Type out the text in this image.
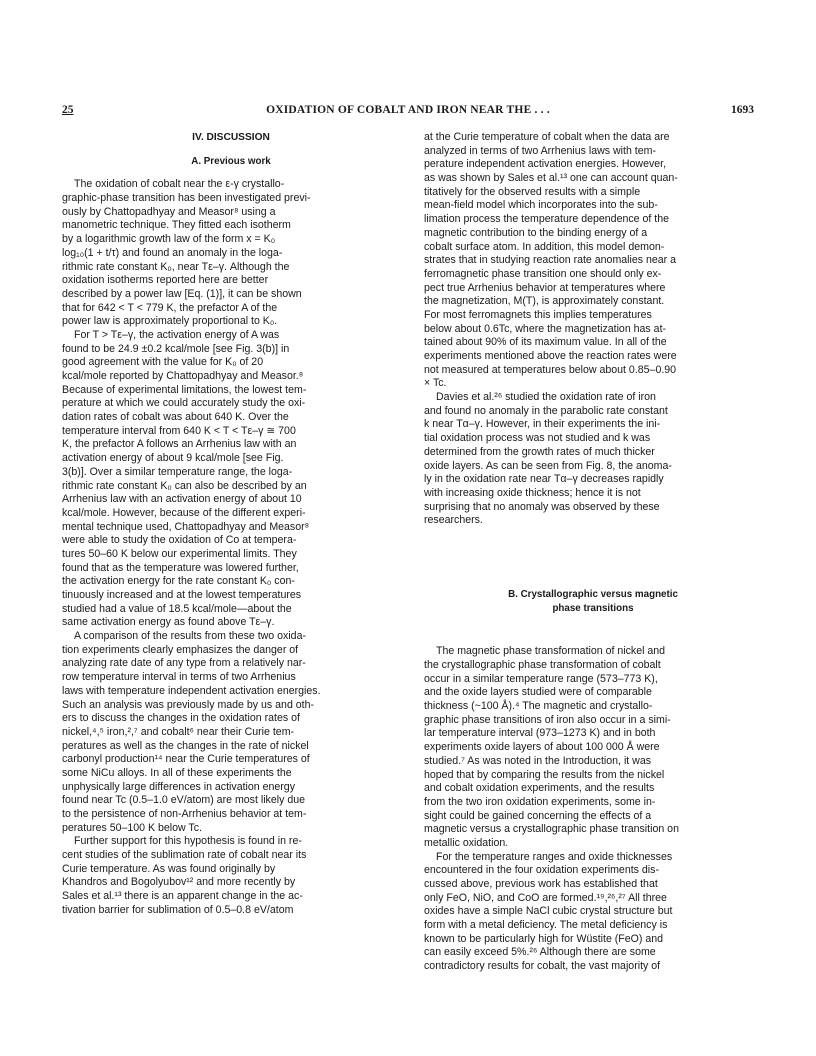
25	OXIDATION OF COBALT AND IRON NEAR THE . . .	1693
IV. DISCUSSION
A. Previous work
The oxidation of cobalt near the ε-γ crystallo-
graphic-phase transition has been investigated previ-
ously by Chattopadhyay and Measor⁸ using a
manometric technique. They fitted each isotherm
by a logarithmic growth law of the form x = K₀
log₁₀(1 + t/τ) and found an anomaly in the loga-
rithmic rate constant K₀, near Tε–γ. Although the
oxidation isotherms reported here are better
described by a power law [Eq. (1)], it can be shown
that for 642 < T < 779 K, the prefactor A of the
power law is approximately proportional to K₀.
For T > Tε–γ, the activation energy of A was
found to be 24.9 ±0.2 kcal/mole [see Fig. 3(b)] in
good agreement with the value for K₀ of 20
kcal/mole reported by Chattopadhyay and Measor.⁸
Because of experimental limitations, the lowest tem-
perature at which we could accurately study the oxi-
dation rates of cobalt was about 640 K. Over the
temperature interval from 640 K < T < Tε–γ ≅ 700
K, the prefactor A follows an Arrhenius law with an
activation energy of about 9 kcal/mole [see Fig.
3(b)]. Over a similar temperature range, the loga-
rithmic rate constant K₀ can also be described by an
Arrhenius law with an activation energy of about 10
kcal/mole. However, because of the different experi-
mental technique used, Chattopadhyay and Measor⁸
were able to study the oxidation of Co at tempera-
tures 50–60 K below our experimental limits. They
found that as the temperature was lowered further,
the activation energy for the rate constant K₀ con-
tinuously increased and at the lowest temperatures
studied had a value of 18.5 kcal/mole—about the
same activation energy as found above Tε–γ.
A comparison of the results from these two oxida-
tion experiments clearly emphasizes the danger of
analyzing rate date of any type from a relatively nar-
row temperature interval in terms of two Arrhenius
laws with temperature independent activation energies.
Such an analysis was previously made by us and oth-
ers to discuss the changes in the oxidation rates of
nickel,⁴,⁵ iron,²,⁷ and cobalt⁶ near their Curie tem-
peratures as well as the changes in the rate of nickel
carbonyl production¹⁴ near the Curie temperatures of
some NiCu alloys. In all of these experiments the
unphysically large differences in activation energy
found near Tc (0.5–1.0 eV/atom) are most likely due
to the persistence of non-Arrhenius behavior at tem-
peratures 50–100 K below Tc.
Further support for this hypothesis is found in re-
cent studies of the sublimation rate of cobalt near its
Curie temperature. As was found originally by
Khandros and Bogolyubov¹² and more recently by
Sales et al.¹³ there is an apparent change in the ac-
tivation barrier for sublimation of 0.5–0.8 eV/atom
at the Curie temperature of cobalt when the data are
analyzed in terms of two Arrhenius laws with tem-
perature independent activation energies. However,
as was shown by Sales et al.¹³ one can account quan-
titatively for the observed results with a simple
mean-field model which incorporates into the sub-
limation process the temperature dependence of the
magnetic contribution to the binding energy of a
cobalt surface atom. In addition, this model demon-
strates that in studying reaction rate anomalies near a
ferromagnetic phase transition one should only ex-
pect true Arrhenius behavior at temperatures where
the magnetization, M(T), is approximately constant.
For most ferromagnets this implies temperatures
below about 0.6Tc, where the magnetization has at-
tained about 90% of its maximum value. In all of the
experiments mentioned above the reaction rates were
not measured at temperatures below about 0.85–0.90
× Tc.
Davies et al.²⁶ studied the oxidation rate of iron
and found no anomaly in the parabolic rate constant
k near Tα–γ. However, in their experiments the ini-
tial oxidation process was not studied and k was
determined from the growth rates of much thicker
oxide layers. As can be seen from Fig. 8, the anoma-
ly in the oxidation rate near Tα–γ decreases rapidly
with increasing oxide thickness; hence it is not
surprising that no anomaly was observed by these
researchers.
B. Crystallographic versus magnetic
phase transitions
The magnetic phase transformation of nickel and
the crystallographic phase transformation of cobalt
occur in a similar temperature range (573–773 K),
and the oxide layers studied were of comparable
thickness (~100 Å).⁴ The magnetic and crystallo-
graphic phase transitions of iron also occur in a simi-
lar temperature interval (973–1273 K) and in both
experiments oxide layers of about 100 000 Å were
studied.⁷ As was noted in the Introduction, it was
hoped that by comparing the results from the nickel
and cobalt oxidation experiments, and the results
from the two iron oxidation experiments, some in-
sight could be gained concerning the effects of a
magnetic versus a crystallographic phase transition on
metallic oxidation.
For the temperature ranges and oxide thicknesses
encountered in the four oxidation experiments dis-
cussed above, previous work has established that
only FeO, NiO, and CoO are formed.¹⁹,²⁶,²⁷ All three
oxides have a simple NaCl cubic crystal structure but
form with a metal deficiency. The metal deficiency is
known to be particularly high for Wüstite (FeO) and
can easily exceed 5%.²⁶ Although there are some
contradictory results for cobalt, the vast majority of
